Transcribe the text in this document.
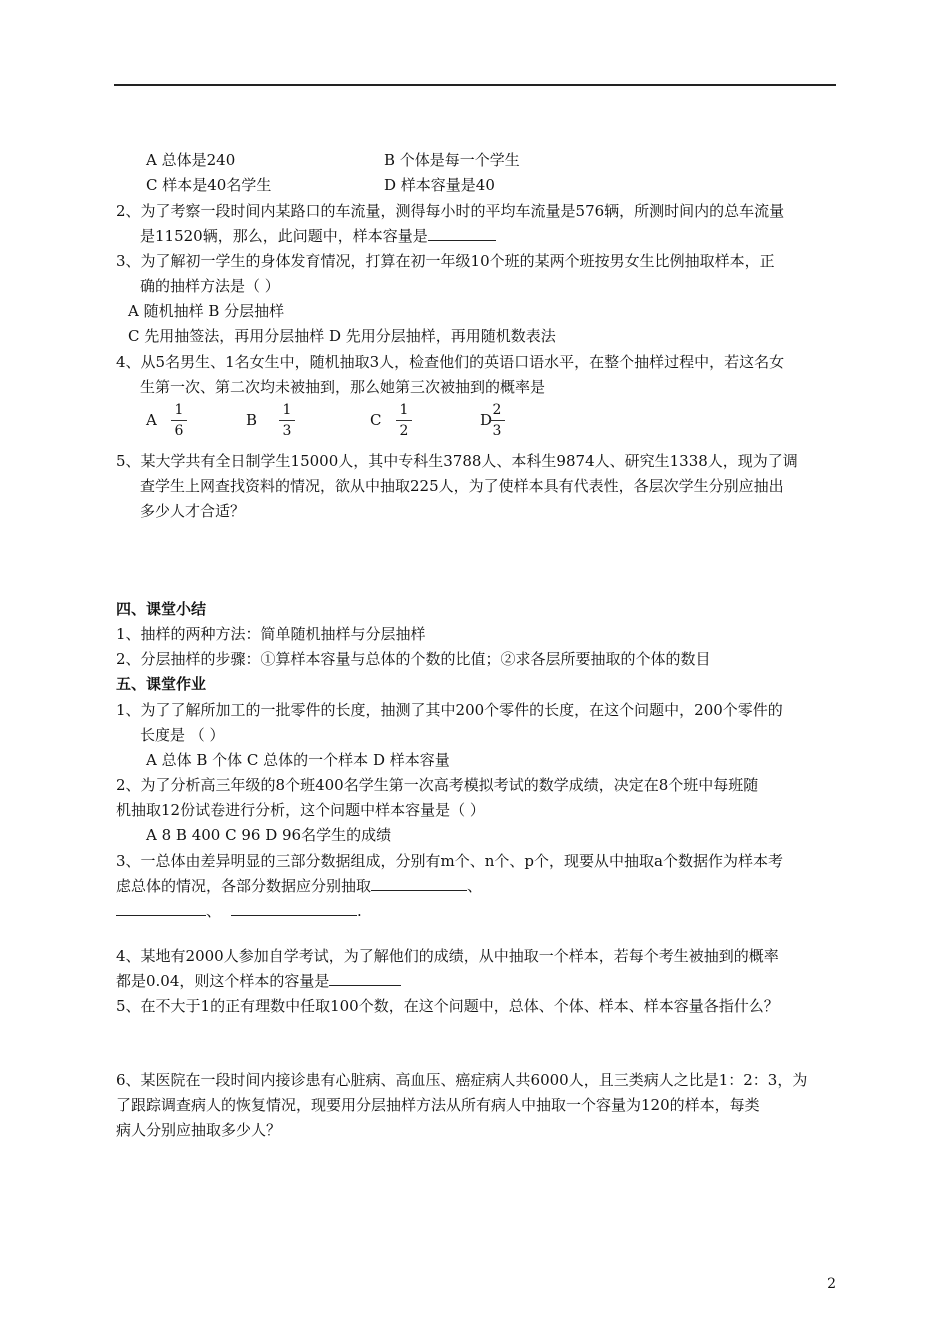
A 总体是240	B 个体是每一个学生
C 样本是40名学生	D 样本容量是40
2、为了考察一段时间内某路口的车流量，测得每小时的平均车流量是576辆，所测时间内的总车流量
是11520辆，那么，此问题中，样本容量是
3、为了解初一学生的身体发育情况，打算在初一年级10个班的某两个班按男女生比例抽取样本，正
确的抽样方法是（ ）
A 随机抽样 B 分层抽样
C 先用抽签法，再用分层抽样 D 先用分层抽样，再用随机数表法
4、从5名男生、1名女生中，随机抽取3人，检查他们的英语口语水平，在整个抽样过程中，若这名女
生第一次、第二次均未被抽到，那么她第三次被抽到的概率是
A
1
6
B
1
3
C
1
2
D
2
3
5、某大学共有全日制学生15000人，其中专科生3788人、本科生9874人、研究生1338人，现为了调
查学生上网查找资料的情况，欲从中抽取225人，为了使样本具有代表性，各层次学生分别应抽出
多少人才合适？
四、课堂小结
1、抽样的两种方法：简单随机抽样与分层抽样
2、分层抽样的步骤：①算样本容量与总体的个数的比值；②求各层所要抽取的个体的数目
五、课堂作业
1、为了了解所加工的一批零件的长度，抽测了其中200个零件的长度，在这个问题中，200个零件的
长度是 （ ）
A 总体 B 个体 C 总体的一个样本 D 样本容量
2、为了分析高三年级的8个班400名学生第一次高考模拟考试的数学成绩，决定在8个班中每班随
机抽取12份试卷进行分析，这个问题中样本容量是（ ）
A 8 B 400 C 96 D 96名学生的成绩
3、一总体由差异明显的三部分数据组成，分别有m个、n个、p个，现要从中抽取a个数据作为样本考
虑总体的情况，各部分数据应分别抽取	、
、	.
4、某地有2000人参加自学考试，为了解他们的成绩，从中抽取一个样本，若每个考生被抽到的概率
都是0.04，则这个样本的容量是
5、在不大于1的正有理数中任取100个数，在这个问题中，总体、个体、样本、样本容量各指什么？
6、某医院在一段时间内接诊患有心脏病、高血压、癌症病人共6000人，且三类病人之比是1：2：3，为
了跟踪调查病人的恢复情况，现要用分层抽样方法从所有病人中抽取一个容量为120的样本，每类
病人分别应抽取多少人？
2
